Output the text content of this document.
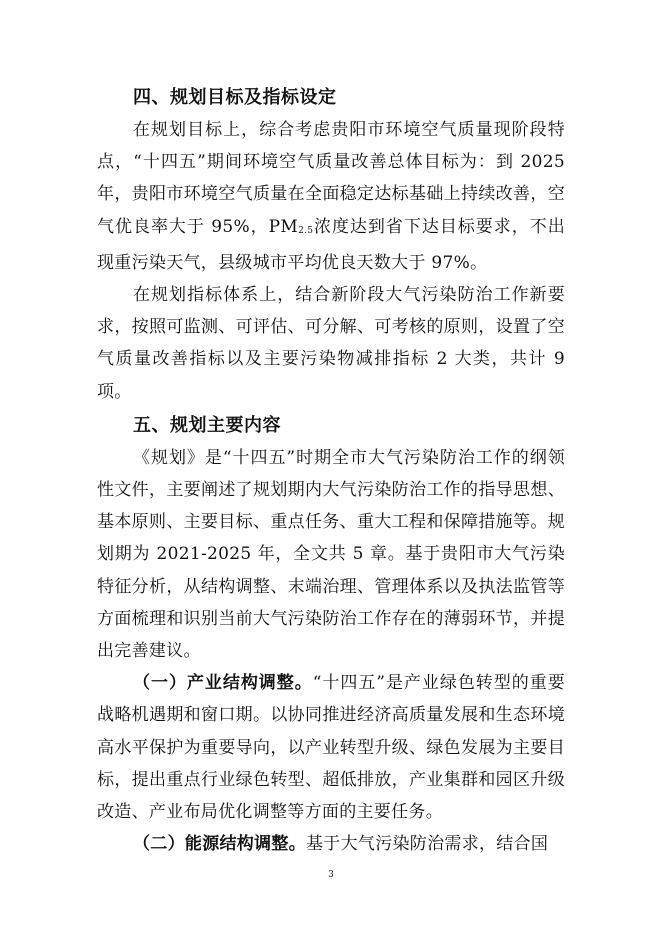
四、规划目标及指标设定

在规划目标上，综合考虑贵阳市环境空气质量现阶段特点，“十四五”期间环境空气质量改善总体目标为：到 2025 年，贵阳市环境空气质量在全面稳定达标基础上持续改善，空气优良率大于 95%，$PM_{2.5}$浓度达到省下达目标要求，不出现重污染天气，县级城市平均优良天数大于 97%。

在规划指标体系上，结合新阶段大气污染防治工作新要求，按照可监测、可评估、可分解、可考核的原则，设置了空气质量改善指标以及主要污染物减排指标 2 大类，共计 9 项。

五、规划主要内容

《规划》是“十四五”时期全市大气污染防治工作的纲领性文件，主要阐述了规划期内大气污染防治工作的指导思想、基本原则、主要目标、重点任务、重大工程和保障措施等。规划期为 2021-2025 年，全文共 5 章。基于贵阳市大气污染特征分析，从结构调整、末端治理、管理体系以及执法监管等方面梳理和识别当前大气污染防治工作存在的薄弱环节，并提出完善建议。

（一）产业结构调整。“十四五”是产业绿色转型的重要战略机遇期和窗口期。以协同推进经济高质量发展和生态环境高水平保护为重要导向，以产业转型升级、绿色发展为主要目标，提出重点行业绿色转型、超低排放，产业集群和园区升级改造、产业布局优化调整等方面的主要任务。

（二）能源结构调整。基于大气污染防治需求，结合国

3
